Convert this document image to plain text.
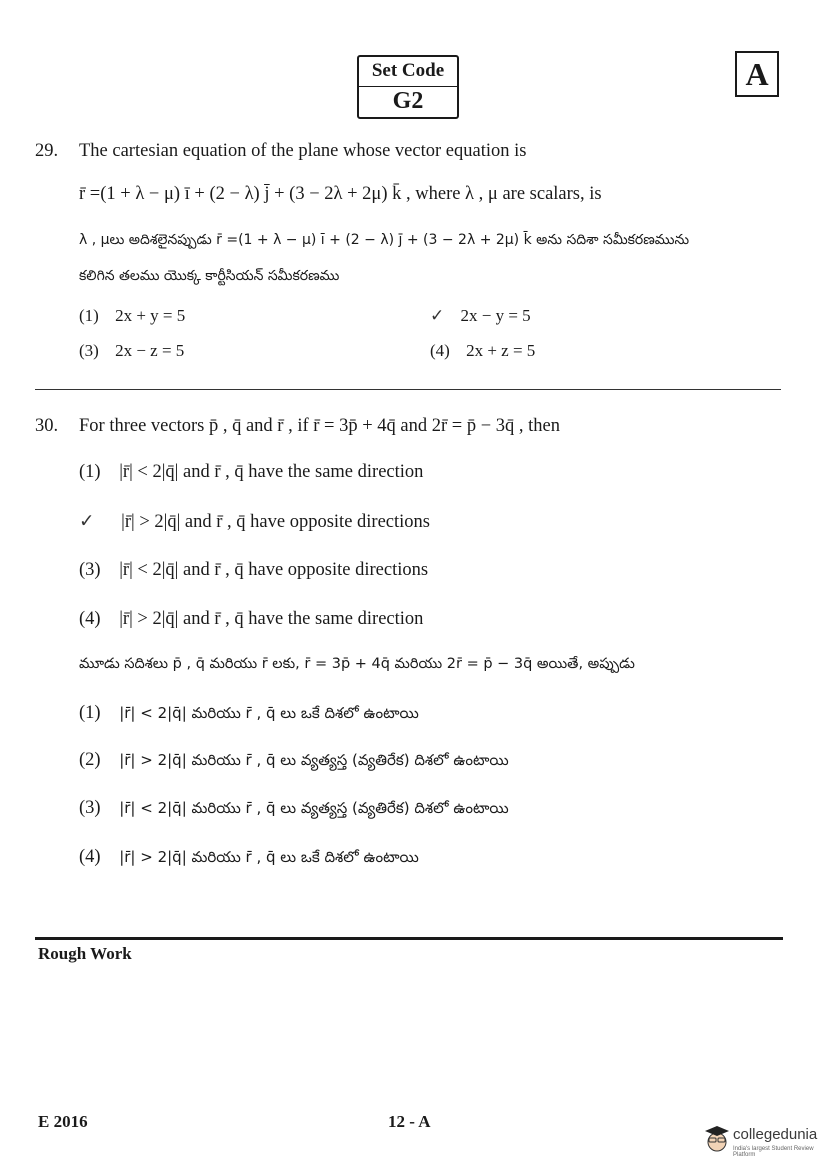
Set Code
G2
A
29. The cartesian equation of the plane whose vector equation is
r̄ =(1 + λ − μ) ī + (2 − λ) j̄ + (3 − 2λ + 2μ) k̄ , where λ , μ are scalars, is
λ , μలు అదిశలైనప్పుడు r̄ =(1 + λ − μ) ī + (2 − λ) j̄ + (3 − 2λ + 2μ) k̄ అను సదిశా సమీకరణమును
కలిగిన తలము యొక్క కార్టీసియన్ సమీకరణము
(1) 2x + y = 5	✓ 2x − y = 5
(3) 2x − z = 5	(4) 2x + z = 5
30. For three vectors p̄ , q̄ and r̄ , if r̄ = 3p̄ + 4q̄ and 2r̄ = p̄ − 3q̄ , then
(1) |r̄| < 2|q̄| and r̄ , q̄ have the same direction
✓ |r̄| > 2|q̄| and r̄ , q̄ have opposite directions
(3) |r̄| < 2|q̄| and r̄ , q̄ have opposite directions
(4) |r̄| > 2|q̄| and r̄ , q̄ have the same direction
మూడు సదిశలు p̄ , q̄ మరియు r̄ లకు, r̄ = 3p̄ + 4q̄ మరియు 2r̄ = p̄ − 3q̄ అయితే, అప్పుడు
(1) |r̄| < 2|q̄| మరియు r̄ , q̄ లు ఒకే దిశలో ఉంటాయి
(2) |r̄| > 2|q̄| మరియు r̄ , q̄ లు వ్యత్యస్త (వ్యతిరేక) దిశలో ఉంటాయి
(3) |r̄| < 2|q̄| మరియు r̄ , q̄ లు వ్యత్యస్త (వ్యతిరేక) దిశలో ఉంటాయి
(4) |r̄| > 2|q̄| మరియు r̄ , q̄ లు ఒకే దిశలో ఉంటాయి
Rough Work
E 2016	12 - A
collegedunia
India's largest Student Review Platform
